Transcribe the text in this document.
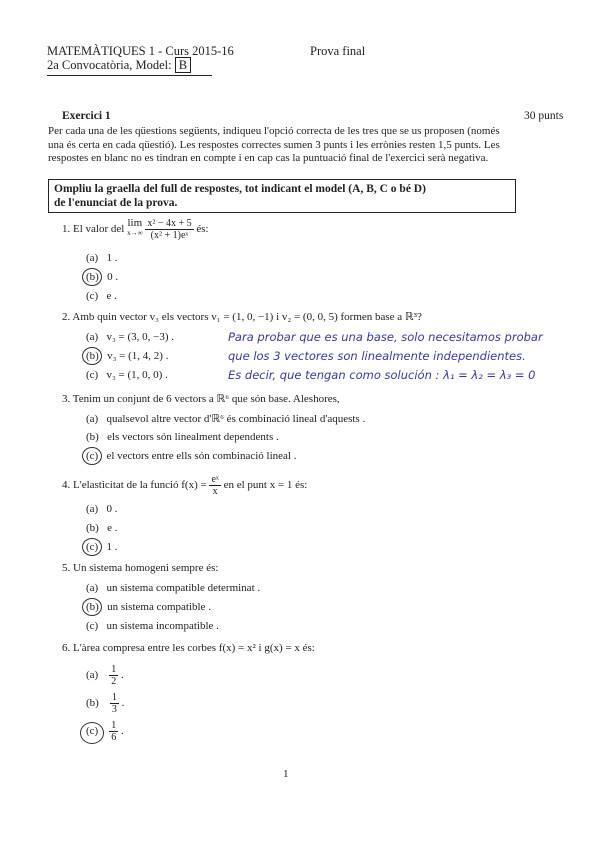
MATEMÀTIQUES 1 - Curs 2015-16	Prova final
2a Convocatòria, Model: B
Exercici 1	30 punts
Per cada una de les qüestions següents, indiqueu l'opció correcta de les tres que se us proposen (només una és certa en cada qüestió). Les respostes correctes sumen 3 punts i les errònies resten 1,5 punts. Les respostes en blanc no es tindran en compte i en cap cas la puntuació final de l'exercici serà negativa.
Ompliu la graella del full de respostes, tot indicant el model (A, B, C o bé D)
de l'enunciat de la prova.
1. El valor del lim
x→∞
$\frac{\text{x² − 4x + 5}}{\text{(x² + 1)eˣ}}$ és:
(a) 1 .
(b) 0 .
(c) e .
2. Amb quin vector v₃ els vectors v₁ = (1, 0, −1) i v₂ = (0, 0, 5) formen base a ℝ³?
(a) v₃ = (3, 0, −3) .
(b) v₃ = (1, 4, 2) .
(c) v₃ = (1, 0, 0) .
Para probar que es una base, solo necesitamos probar
que los 3 vectores son linealmente independientes.
Es decir, que tengan como solución : λ₁ = λ₂ = λ₃ = 0
3. Tenim un conjunt de 6 vectors a ℝ⁶ que són base. Aleshores,
(a) qualsevol altre vector d'ℝ⁶ és combinació lineal d'aquests .
(b) els vectors són linealment dependents .
(c) el vectors entre ells són combinació lineal .
4. L'elasticitat de la funció $f(x) = \frac{\text{eˣ}}{x}$ en el punt x = 1 és:
(a) 0 .
(b) e .
(c) 1 .
5. Un sistema homogeni sempre és:
(a) un sistema compatible determinat .
(b) un sistema compatible .
(c) un sistema incompatible .
6. L'àrea compresa entre les corbes f(x) = x² i g(x) = x és:
$(a) \frac{1}{2}$ .
$(b) \frac{1}{3}$ .
$(c) \frac{1}{6}$ .
1
